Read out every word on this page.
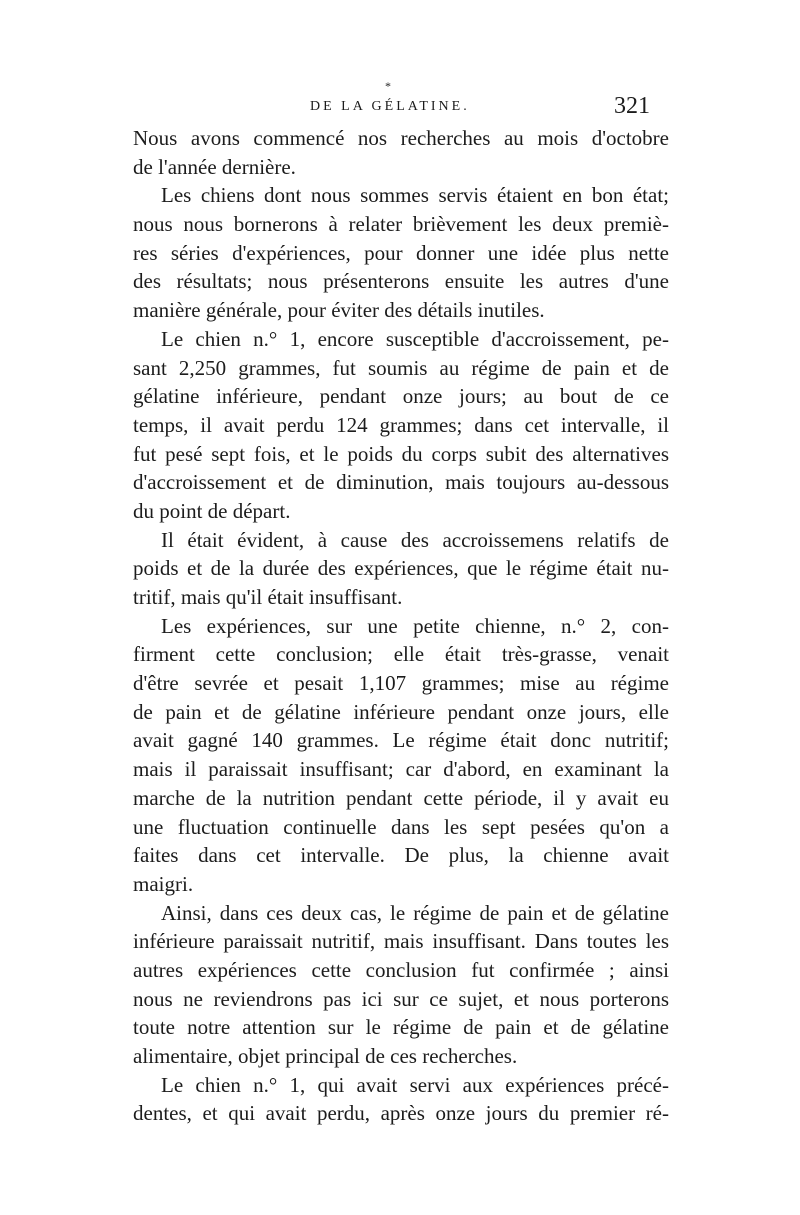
*
DE LA GÉLATINE.	321
Nous avons commencé nos recherches au mois d'octobre
de l'année dernière.
Les chiens dont nous sommes servis étaient en bon état;
nous nous bornerons à relater brièvement les deux premiè-
res séries d'expériences, pour donner une idée plus nette
des résultats; nous présenterons ensuite les autres d'une
manière générale, pour éviter des détails inutiles.
Le chien n.° 1, encore susceptible d'accroissement, pe-
sant 2,250 grammes, fut soumis au régime de pain et de
gélatine inférieure, pendant onze jours; au bout de ce
temps, il avait perdu 124 grammes; dans cet intervalle, il
fut pesé sept fois, et le poids du corps subit des alternatives
d'accroissement et de diminution, mais toujours au-dessous
du point de départ.
Il était évident, à cause des accroissemens relatifs de
poids et de la durée des expériences, que le régime était nu-
tritif, mais qu'il était insuffisant.
Les expériences, sur une petite chienne, n.° 2, con-
firment cette conclusion; elle était très-grasse, venait
d'être sevrée et pesait 1,107 grammes; mise au régime
de pain et de gélatine inférieure pendant onze jours, elle
avait gagné 140 grammes. Le régime était donc nutritif;
mais il paraissait insuffisant; car d'abord, en examinant la
marche de la nutrition pendant cette période, il y avait eu
une fluctuation continuelle dans les sept pesées qu'on a
faites dans cet intervalle. De plus, la chienne avait
maigri.
Ainsi, dans ces deux cas, le régime de pain et de gélatine
inférieure paraissait nutritif, mais insuffisant. Dans toutes les
autres expériences cette conclusion fut confirmée ; ainsi
nous ne reviendrons pas ici sur ce sujet, et nous porterons
toute notre attention sur le régime de pain et de gélatine
alimentaire, objet principal de ces recherches.
Le chien n.° 1, qui avait servi aux expériences précé-
dentes, et qui avait perdu, après onze jours du premier ré-
